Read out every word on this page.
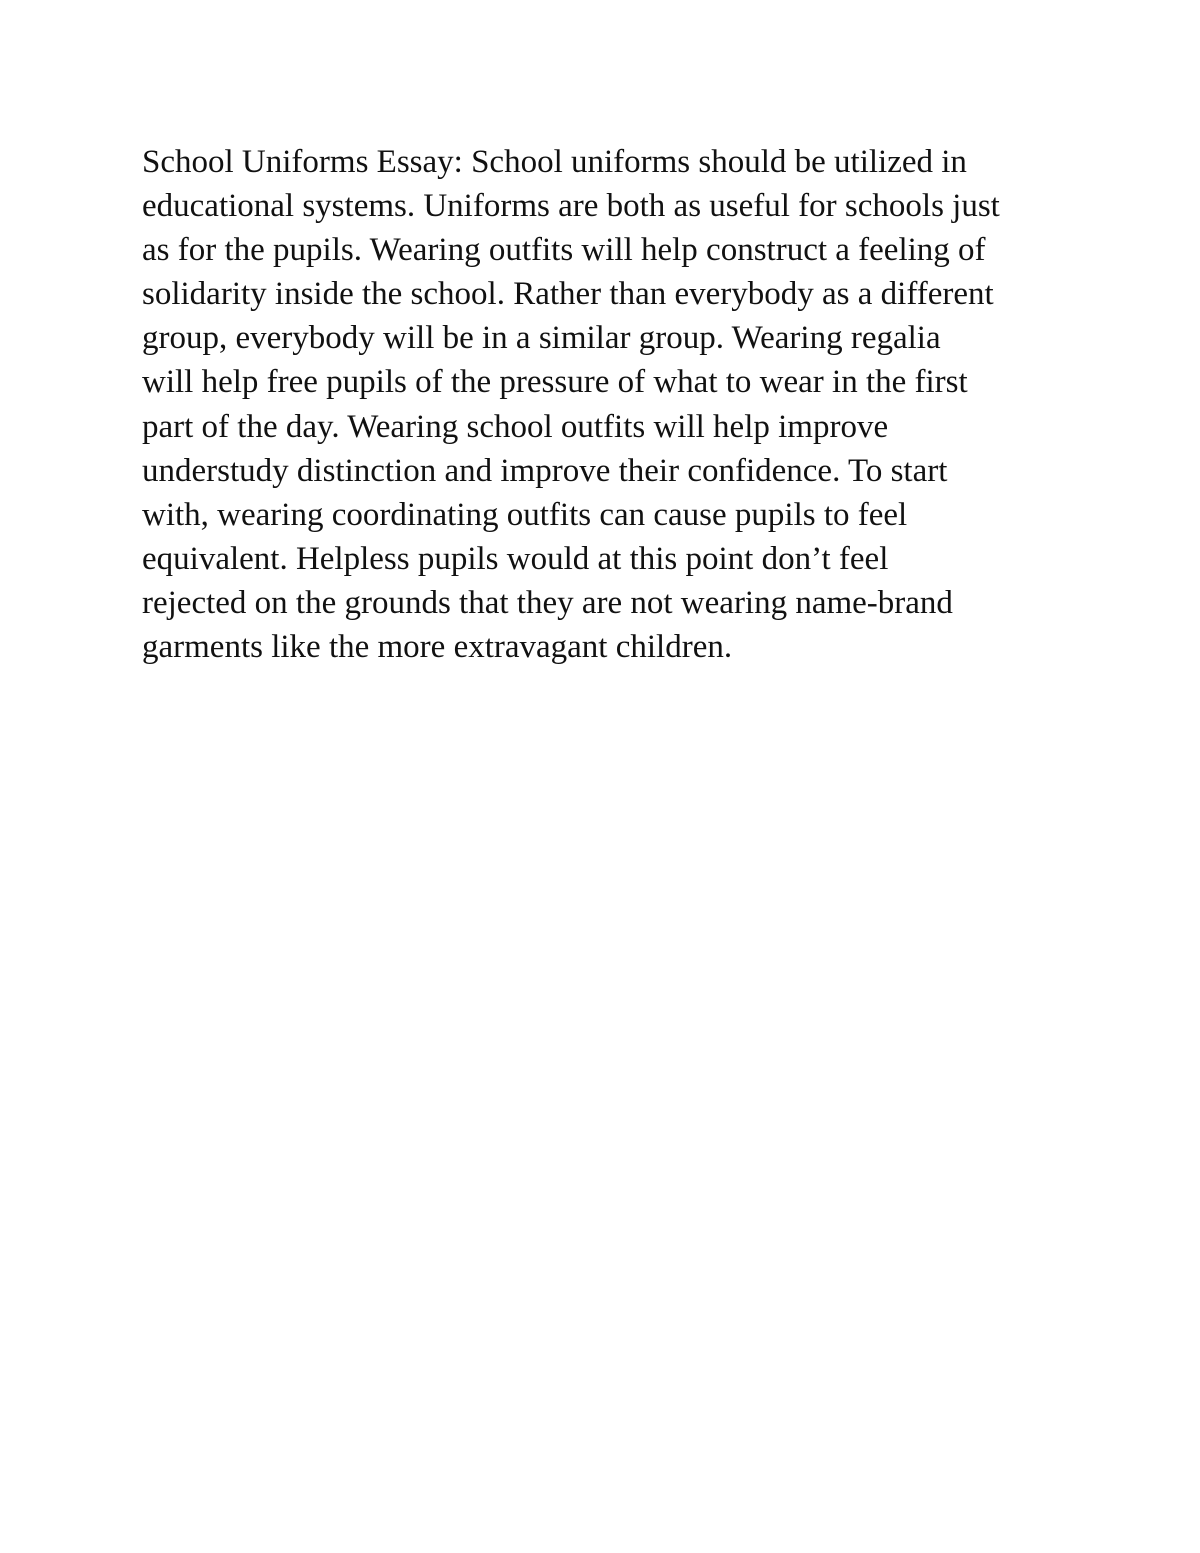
School Uniforms Essay: School uniforms should be utilized in
educational systems. Uniforms are both as useful for schools just
as for the pupils. Wearing outfits will help construct a feeling of
solidarity inside the school. Rather than everybody as a different
group, everybody will be in a similar group. Wearing regalia
will help free pupils of the pressure of what to wear in the first
part of the day. Wearing school outfits will help improve
understudy distinction and improve their confidence. To start
with, wearing coordinating outfits can cause pupils to feel
equivalent. Helpless pupils would at this point don’t feel
rejected on the grounds that they are not wearing name-brand
garments like the more extravagant children.
